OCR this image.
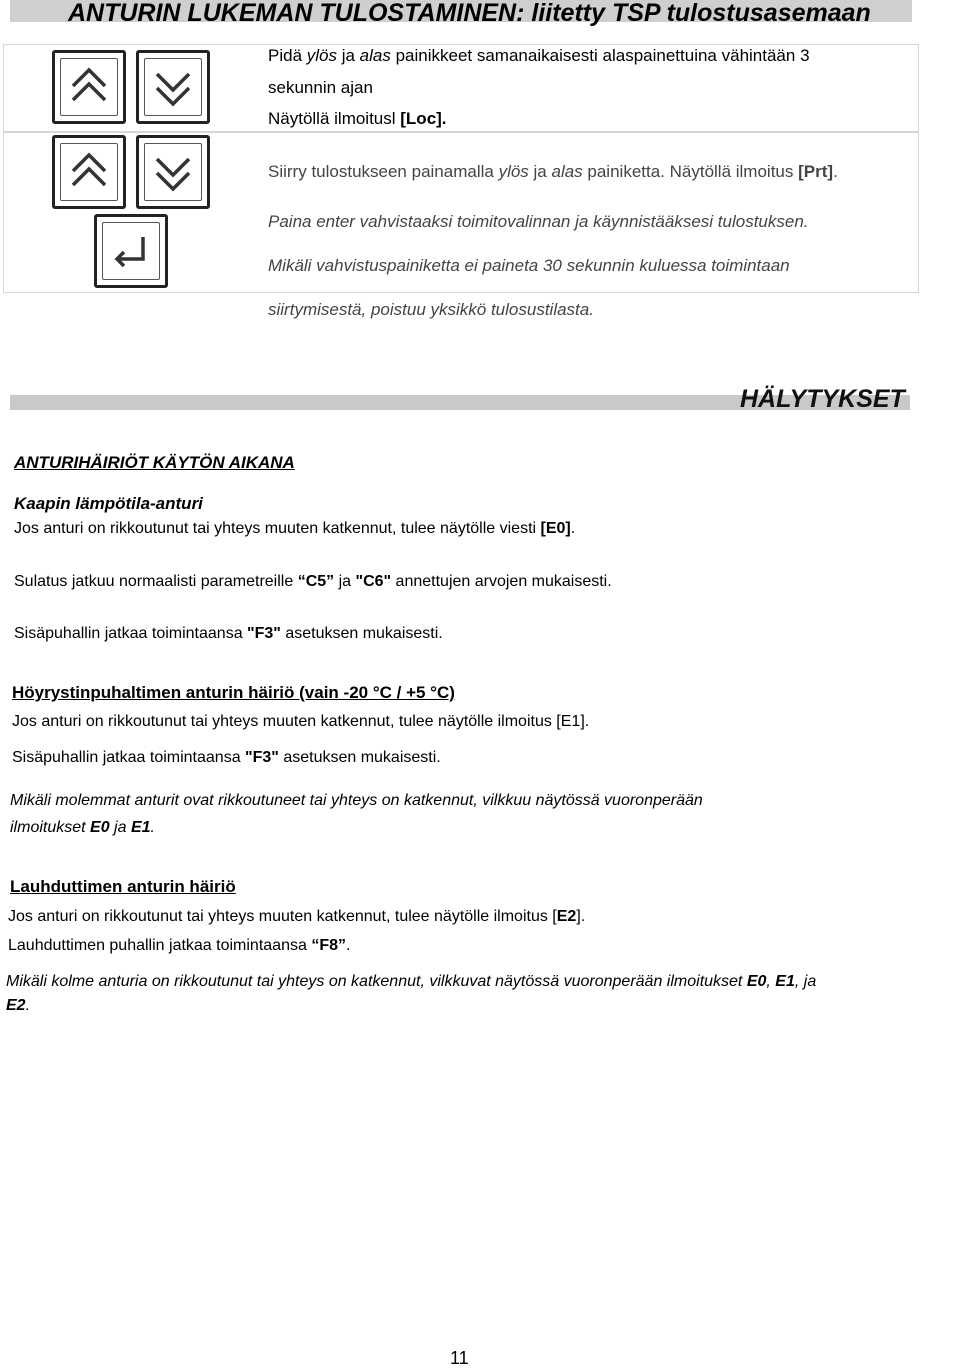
ANTURIN LUKEMAN TULOSTAMINEN: liitetty TSP tulostusasemaan
Pidä ylös ja alas painikkeet samanaikaisesti alaspainettuina vähintään 3
sekunnin ajan
Näytöllä ilmoitusl [Loc].
Siirry tulostukseen painamalla ylös ja alas painiketta. Näytöllä ilmoitus [Prt].
Paina enter vahvistaaksi toimitovalinnan ja käynnistääksesi tulostuksen.
Mikäli vahvistuspainiketta ei paineta 30 sekunnin kuluessa toimintaan
siirtymisestä, poistuu yksikkö tulosustilasta.
HÄLYTYKSET
ANTURIHÄIRIÖT KÄYTÖN AIKANA
Kaapin lämpötila-anturi
Jos anturi on rikkoutunut tai yhteys muuten katkennut, tulee näytölle viesti [E0].
Sulatus jatkuu normaalisti parametreille “C5” ja "C6" annettujen arvojen mukaisesti.
Sisäpuhallin jatkaa toimintaansa "F3" asetuksen mukaisesti.
Höyrystinpuhaltimen anturin häiriö (vain -20 °C / +5 °C)
Jos anturi on rikkoutunut tai yhteys muuten katkennut, tulee näytölle ilmoitus [E1].
Sisäpuhallin jatkaa toimintaansa "F3" asetuksen mukaisesti.
Mikäli molemmat anturit ovat rikkoutuneet tai yhteys on katkennut, vilkkuu näytössä vuoronperään
ilmoitukset E0 ja E1.
Lauhduttimen anturin häiriö
Jos anturi on rikkoutunut tai yhteys muuten katkennut, tulee näytölle ilmoitus [E2].
Lauhduttimen puhallin jatkaa toimintaansa “F8”.
Mikäli kolme anturia on rikkoutunut tai yhteys on katkennut, vilkkuvat näytössä vuoronperään ilmoitukset E0, E1, ja
E2.
11
